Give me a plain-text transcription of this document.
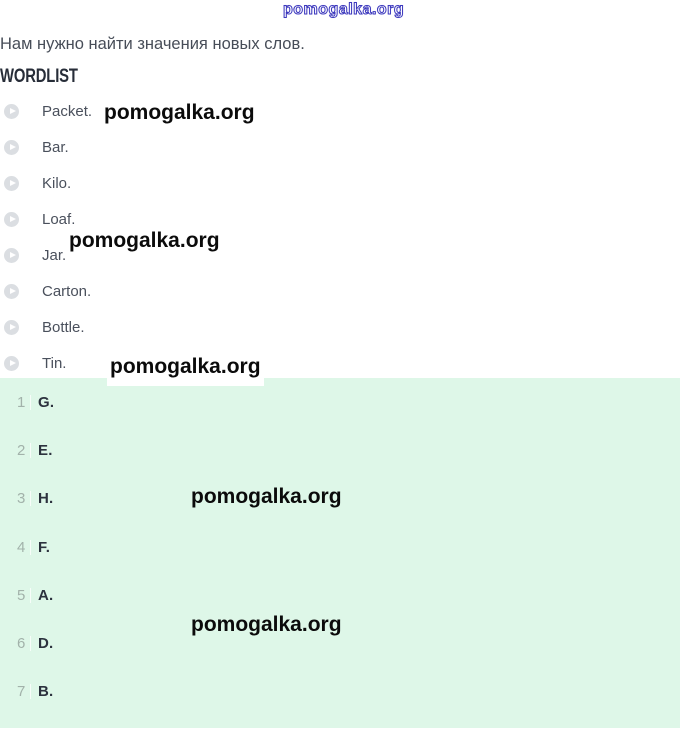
pomogalka.org
Нам нужно найти значения новых слов.
WORDLIST
Packet.
Bar.
Kilo.
Loaf.
Jar.
Carton.
Bottle.
Tin.
1 G.
2 E.
3 H.
4 F.
5 A.
6 D.
7 B.
pomogalka.org
pomogalka.org
pomogalka.org
pomogalka.org
pomogalka.org
